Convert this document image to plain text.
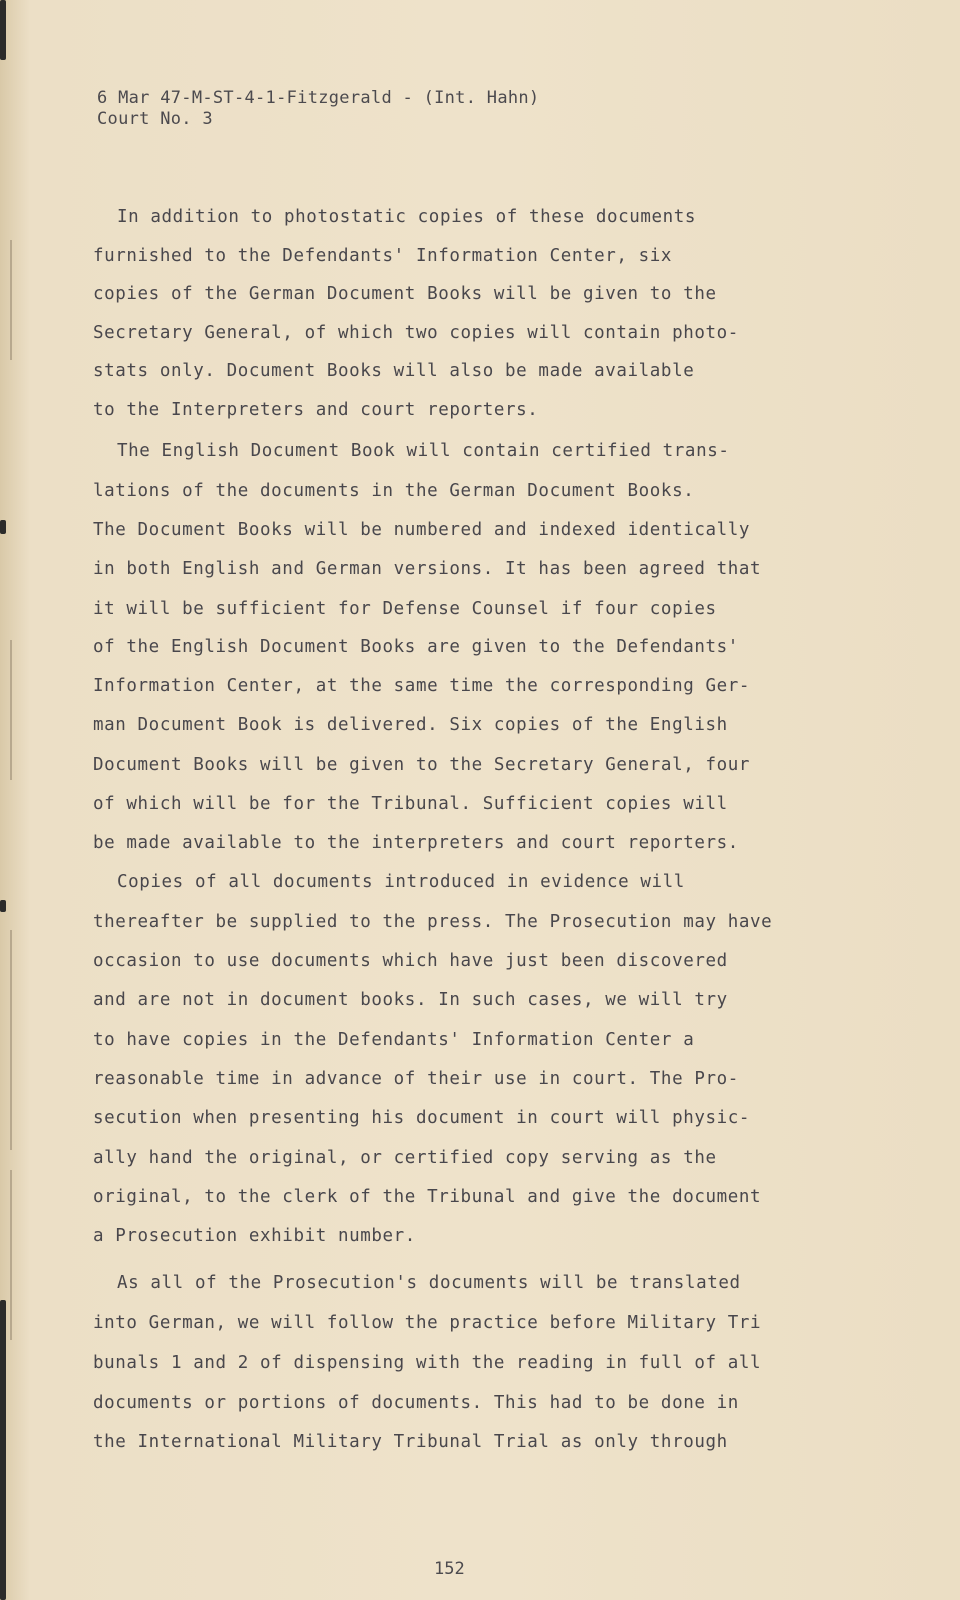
6 Mar 47-M-ST-4-1-Fitzgerald - (Int. Hahn)
Court No. 3
In addition to photostatic copies of these documents
furnished to the Defendants' Information Center, six
copies of the German Document Books will be given to the
Secretary General, of which two copies will contain photo-
stats only. Document Books will also be made available
to the Interpreters and court reporters.
The English Document Book will contain certified trans-
lations of the documents in the German Document Books.
The Document Books will be numbered and indexed identically
in both English and German versions. It has been agreed that
it will be sufficient for Defense Counsel if four copies
of the English Document Books are given to the Defendants'
Information Center, at the same time the corresponding Ger-
man Document Book is delivered. Six copies of the English
Document Books will be given to the Secretary General, four
of which will be for the Tribunal. Sufficient copies will
be made available to the interpreters and court reporters.
Copies of all documents introduced in evidence will
thereafter be supplied to the press. The Prosecution may have
occasion to use documents which have just been discovered
and are not in document books. In such cases, we will try
to have copies in the Defendants' Information Center a
reasonable time in advance of their use in court. The Pro-
secution when presenting his document in court will physic-
ally hand the original, or certified copy serving as the
original, to the clerk of the Tribunal and give the document
a Prosecution exhibit number.
As all of the Prosecution's documents will be translated
into German, we will follow the practice before Military Tri
bunals 1 and 2 of dispensing with the reading in full of all
documents or portions of documents. This had to be done in
the International Military Tribunal Trial as only through
152
